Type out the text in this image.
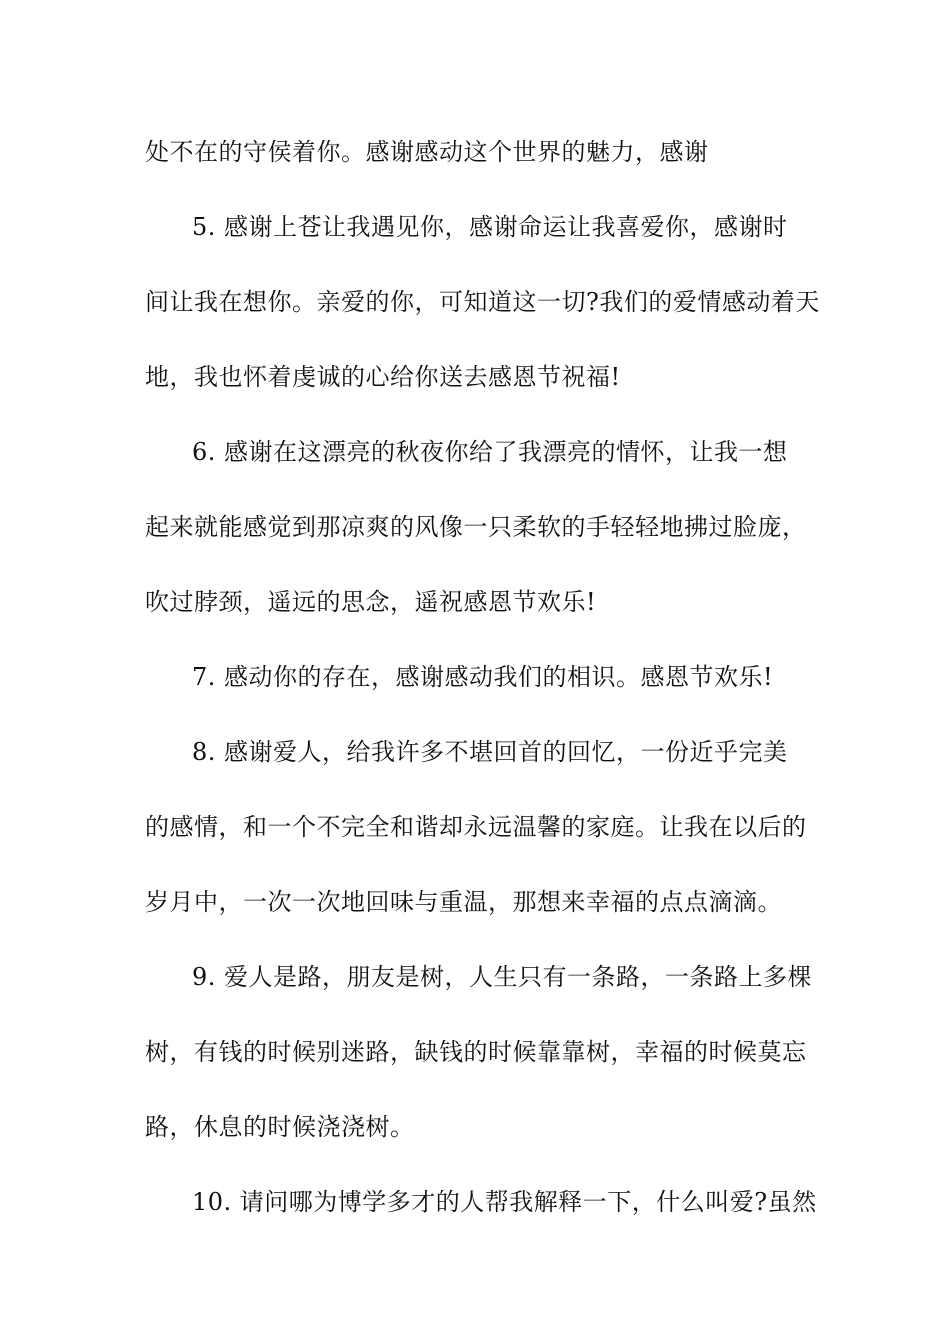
处不在的守侯着你。感谢感动这个世界的魅力，感谢
5. 感谢上苍让我遇见你，感谢命运让我喜爱你，感谢时
间让我在想你。亲爱的你，可知道这一切?我们的爱情感动着天
地，我也怀着虔诚的心给你送去感恩节祝福!
6. 感谢在这漂亮的秋夜你给了我漂亮的情怀，让我一想
起来就能感觉到那凉爽的风像一只柔软的手轻轻地拂过脸庞，
吹过脖颈，遥远的思念，遥祝感恩节欢乐!
7. 感动你的存在，感谢感动我们的相识。感恩节欢乐!
8. 感谢爱人，给我许多不堪回首的回忆，一份近乎完美
的感情，和一个不完全和谐却永远温馨的家庭。让我在以后的
岁月中，一次一次地回味与重温，那想来幸福的点点滴滴。
9. 爱人是路，朋友是树，人生只有一条路，一条路上多棵
树，有钱的时候别迷路，缺钱的时候靠靠树，幸福的时候莫忘
路，休息的时候浇浇树。
10. 请问哪为博学多才的人帮我解释一下，什么叫爱?虽然
